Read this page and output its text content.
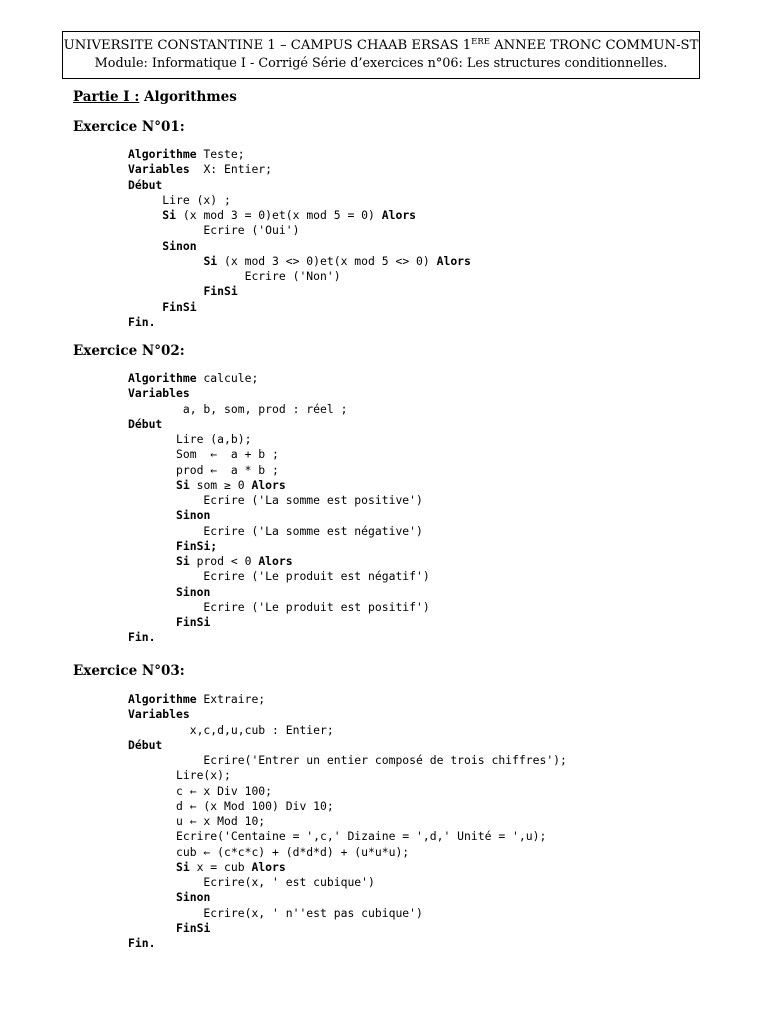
UNIVERSITE CONSTANTINE 1 – CAMPUS CHAAB ERSAS 1ERE ANNEE TRONC COMMUN-ST
Module: Informatique I - Corrigé Série d’exercices n°06: Les structures conditionnelles.
Partie I : Algorithmes
Exercice N°01:
Algorithme Teste;
Variables  X: Entier;
Début
Lire (x) ;
Si (x mod 3 = 0)et(x mod 5 = 0) Alors
Ecrire ('Oui')
Sinon
Si (x mod 3 <> 0)et(x mod 5 <> 0) Alors
Ecrire ('Non')
FinSi
FinSi
Fin.
Exercice N°02:
Algorithme calcule;
Variables
a, b, som, prod : réel ;
Début
Lire (a,b);
Som  ←  a + b ;
prod ←  a * b ;
Si som ≥ 0 Alors
Ecrire ('La somme est positive')
Sinon
Ecrire ('La somme est négative')
FinSi;
Si prod < 0 Alors
Ecrire ('Le produit est négatif')
Sinon
Ecrire ('Le produit est positif')
FinSi
Fin.
Exercice N°03:
Algorithme Extraire;
Variables
x,c,d,u,cub : Entier;
Début
Ecrire('Entrer un entier composé de trois chiffres');
Lire(x);
c ← x Div 100;
d ← (x Mod 100) Div 10;
u ← x Mod 10;
Ecrire('Centaine = ',c,' Dizaine = ',d,' Unité = ',u);
cub ← (c*c*c) + (d*d*d) + (u*u*u);
Si x = cub Alors
Ecrire(x, ' est cubique')
Sinon
Ecrire(x, ' n''est pas cubique')
FinSi
Fin.
